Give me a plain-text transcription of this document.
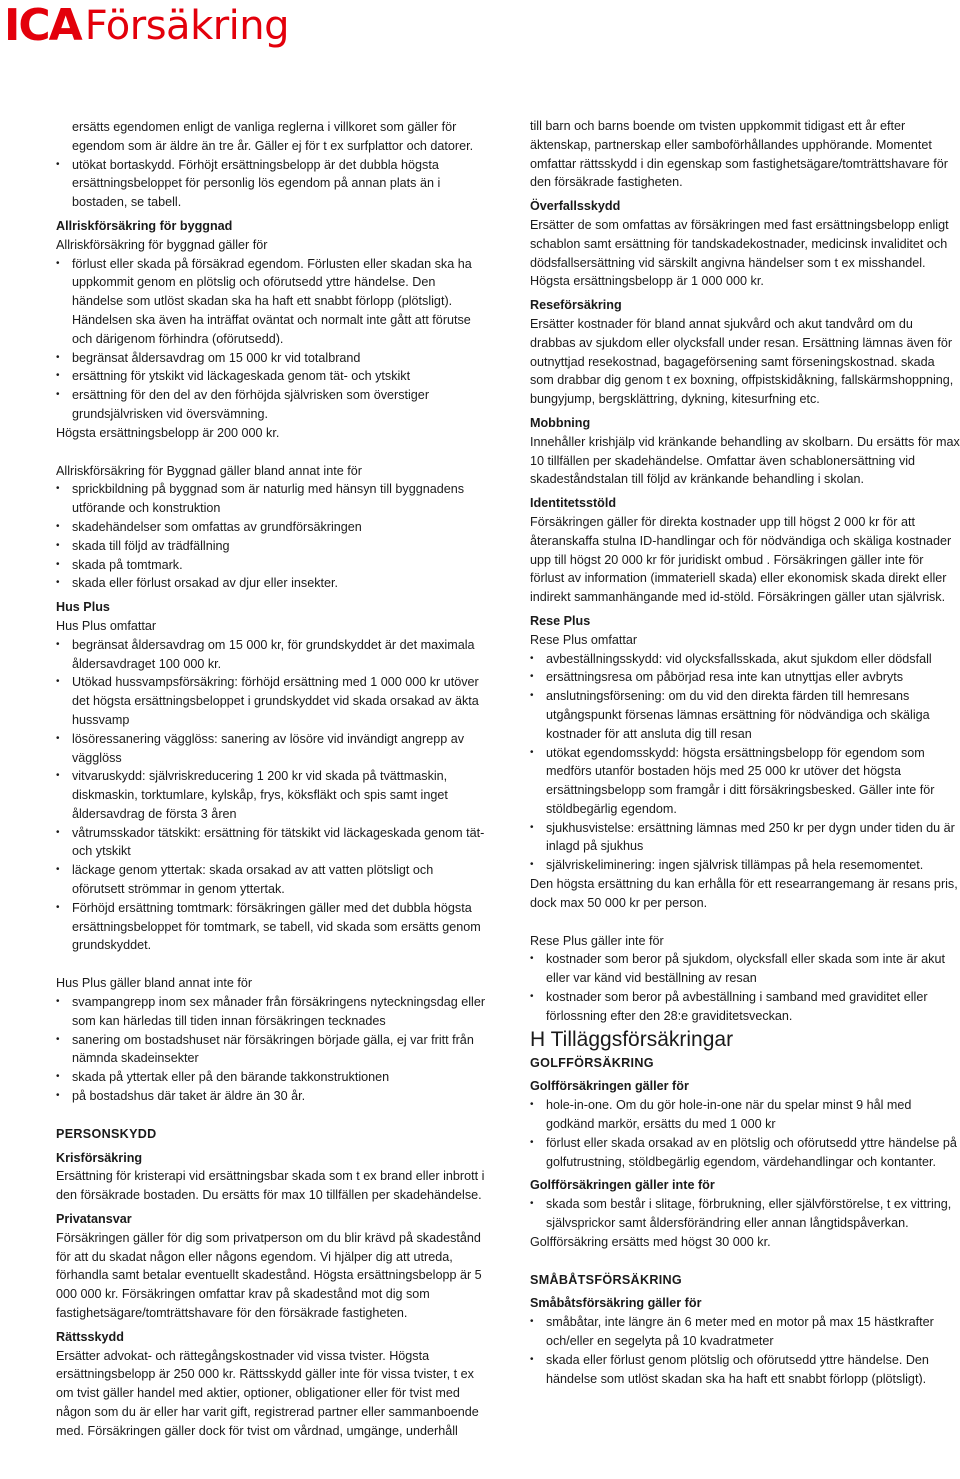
ICA Försäkring

ersätts egendomen enligt de vanliga reglerna i villkoret som gäller för egendom som är äldre än tre år. Gäller ej för t ex surfplattor och datorer.

• utökat bortaskydd. Förhöjt ersättningsbelopp är det dubbla högsta ersättningsbeloppet för personlig lös egendom på annan plats än i bostaden, se tabell.

Allriskförsäkring för byggnad

Allriskförsäkring för byggnad gäller för

• förlust eller skada på försäkrad egendom. Förlusten eller skadan ska ha uppkommit genom en plötslig och oförutsedd yttre händelse. Den händelse som utlöst skadan ska ha haft ett snabbt förlopp (plötsligt). Händelsen ska även ha inträffat oväntat och normalt inte gått att förutse och därigenom förhindra (oförutsedd).
• begränsat åldersavdrag om 15 000 kr vid totalbrand
• ersättning för ytskikt vid läckageskada genom tät- och ytskikt
• ersättning för den del av den förhöjda självrisken som överstiger grundsjälvrisken vid översvämning.

Högsta ersättningsbelopp är 200 000 kr.

Allriskförsäkring för Byggnad gäller bland annat inte för

• sprickbildning på byggnad som är naturlig med hänsyn till byggnadens utförande och konstruktion
• skadehändelser som omfattas av grundförsäkringen
• skada till följd av trädfällning
• skada på tomtmark.
• skada eller förlust orsakad av djur eller insekter.

Hus Plus

Hus Plus omfattar

• begränsat åldersavdrag om 15 000 kr, för grundskyddet är det maximala åldersavdraget 100 000 kr.
• Utökad hussvampsförsäkring: förhöjd ersättning med 1 000 000 kr utöver det högsta ersättningsbeloppet i grundskyddet vid skada orsakad av äkta hussvamp
• lösöressanering vägglöss: sanering av lösöre vid invändigt angrepp av vägglöss
• vitvaruskydd: självriskreducering 1 200 kr vid skada på tvättmaskin, diskmaskin, torktumlare, kylskåp, frys, köksfläkt och spis samt inget åldersavdrag de första 3 åren
• våtrumsskador tätskikt: ersättning för tätskikt vid läckageskada genom tät- och ytskikt
• läckage genom yttertak: skada orsakad av att vatten plötsligt och oförutsett strömmar in genom yttertak.
• Förhöjd ersättning tomtmark: försäkringen gäller med det dubbla högsta ersättningsbeloppet för tomtmark, se tabell, vid skada som ersätts genom grundskyddet.

Hus Plus gäller bland annat inte för

• svampangrepp inom sex månader från försäkringens nyteckningsdag eller som kan härledas till tiden innan försäkringen tecknades
• sanering om bostadshuset när försäkringen började gälla, ej var fritt från nämnda skadeinsekter
• skada på yttertak eller på den bärande takkonstruktionen
• på bostadshus där taket är äldre än 30 år.

PERSONSKYDD

Krisförsäkring

Ersättning för kristerapi vid ersättningsbar skada som t ex brand eller inbrott i den försäkrade bostaden. Du ersätts för max 10 tillfällen per skadehändelse.

Privatansvar

Försäkringen gäller för dig som privatperson om du blir krävd på skadestånd för att du skadat någon eller någons egendom. Vi hjälper dig att utreda, förhandla samt betalar eventuellt skadestånd. Högsta ersättningsbelopp är 5 000 000 kr. Försäkringen omfattar krav på skadestånd mot dig som fastighetsägare/tomträttshavare för den försäkrade fastigheten.

Rättsskydd

Ersätter advokat- och rättegångskostnader vid vissa tvister. Högsta ersättningsbelopp är 250 000 kr. Rättsskydd gäller inte för vissa tvister, t ex om tvist gäller handel med aktier, optioner, obligationer eller för tvist med någon som du är eller har varit gift, registrerad partner eller sammanboende med. Försäkringen gäller dock för tvist om vårdnad, umgänge, underhåll

till barn och barns boende om tvisten uppkommit tidigast ett år efter äktenskap, partnerskap eller samboförhållandes upphörande. Momentet omfattar rättsskydd i din egenskap som fastighetsägare/tomträttshavare för den försäkrade fastigheten.

Överfallsskydd

Ersätter de som omfattas av försäkringen med fast ersättningsbelopp enligt schablon samt ersättning för tandskadekostnader, medicinsk invaliditet och dödsfallsersättning vid särskilt angivna händelser som t ex misshandel. Högsta ersättningsbelopp är 1 000 000 kr.

Reseförsäkring

Ersätter kostnader för bland annat sjukvård och akut tandvård om du drabbas av sjukdom eller olycksfall under resan. Ersättning lämnas även för outnyttjad resekostnad, bagageförsening samt förseningskostnad. skada som drabbar dig genom t ex boxning, offpistskidåkning, fallskärmshoppning, bungyjump, bergsklättring, dykning, kitesurfning etc.

Mobbning

Innehåller krishjälp vid kränkande behandling av skolbarn. Du ersätts för max 10 tillfällen per skadehändelse. Omfattar även schablonersättning vid skadeståndstalan till följd av kränkande behandling i skolan.

Identitetsstöld

Försäkringen gäller för direkta kostnader upp till högst 2 000 kr för att återanskaffa stulna ID-handlingar och för nödvändiga och skäliga kostnader upp till högst 20 000 kr för juridiskt ombud . Försäkringen gäller inte för förlust av information (immateriell skada) eller ekonomisk skada direkt eller indirekt sammanhängande med id-stöld. Försäkringen gäller utan självrisk.

Rese Plus

Rese Plus omfattar

• avbeställningsskydd: vid olycksfallsskada, akut sjukdom eller dödsfall
• ersättningsresa om påbörjad resa inte kan utnyttjas eller avbryts
• anslutningsförsening: om du vid den direkta färden till hemresans utgångspunkt försenas lämnas ersättning för nödvändiga och skäliga kostnader för att ansluta dig till resan
• utökat egendomsskydd: högsta ersättningsbelopp för egendom som medförs utanför bostaden höjs med 25 000 kr utöver det högsta ersättningsbelopp som framgår i ditt försäkringsbesked. Gäller inte för stöldbegärlig egendom.
• sjukhusvistelse: ersättning lämnas med 250 kr per dygn under tiden du är inlagd på sjukhus
• självriskeliminering: ingen självrisk tillämpas på hela resemomentet.

Den högsta ersättning du kan erhålla för ett researrangemang är resans pris, dock max 50 000 kr per person.

Rese Plus gäller inte för

• kostnader som beror på sjukdom, olycksfall eller skada som inte är akut eller var känd vid beställning av resan
• kostnader som beror på avbeställning i samband med graviditet eller förlossning efter den 28:e graviditetsveckan.

H Tilläggsförsäkringar

GOLFFÖRSÄKRING

Golfförsäkringen gäller för

• hole-in-one. Om du gör hole-in-one när du spelar minst 9 hål med godkänd markör, ersätts du med 1 000 kr
• förlust eller skada orsakad av en plötslig och oförutsedd yttre händelse på golfutrustning, stöldbegärlig egendom, värdehandlingar och kontanter.

Golfförsäkringen gäller inte för

• skada som består i slitage, förbrukning, eller självförstörelse, t ex vittring, självsprickor samt åldersförändring eller annan långtidspåverkan.

Golfförsäkring ersätts med högst 30 000 kr.

SMÅBÅTSFÖRSÄKRING

Småbåtsförsäkring gäller för

• småbåtar, inte längre än 6 meter med en motor på max 15 hästkrafter och/eller en segelyta på 10 kvadratmeter
• skada eller förlust genom plötslig och oförutsedd yttre händelse. Den händelse som utlöst skadan ska ha haft ett snabbt förlopp (plötsligt).
